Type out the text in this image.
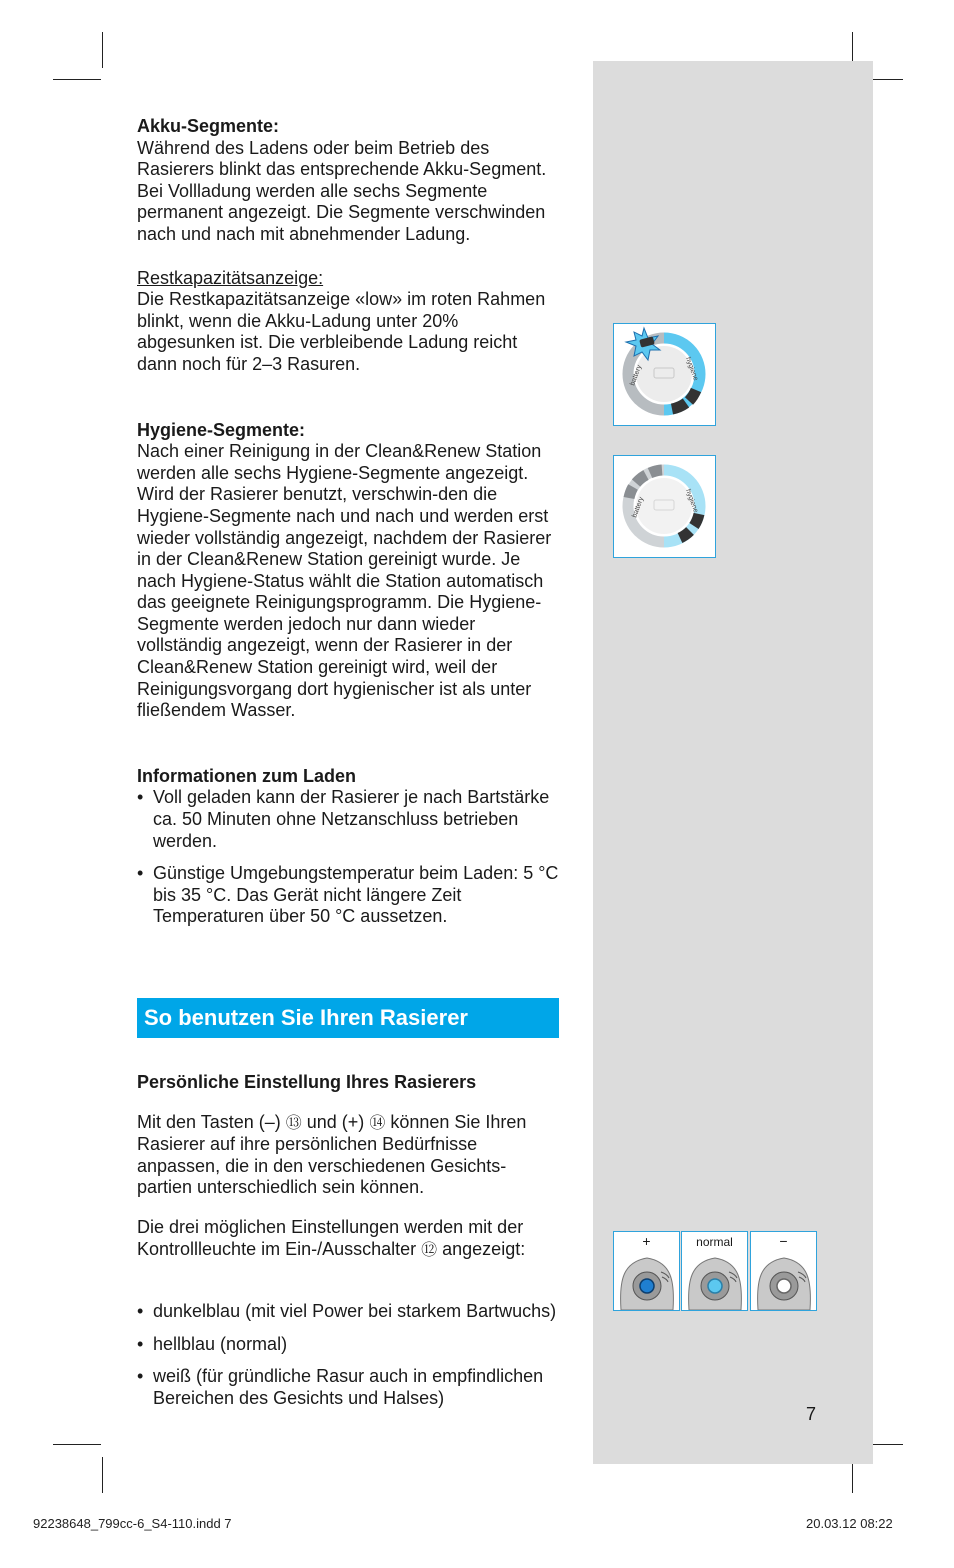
Akku-Segmente:

Während des Ladens oder beim Betrieb des Rasierers blinkt das entsprechende Akku-Segment. Bei Vollladung werden alle sechs Segmente permanent angezeigt. Die Segmente verschwinden nach und nach mit abnehmender Ladung.

Restkapazitätsanzeige:

Die Restkapazitätsanzeige «low» im roten Rahmen blinkt, wenn die Akku-Ladung unter 20% abgesunken ist. Die verbleibende Ladung reicht dann noch für 2–3 Rasuren.

Hygiene-Segmente:

Nach einer Reinigung in der Clean&Renew Station werden alle sechs Hygiene-Segmente angezeigt. Wird der Rasierer benutzt, verschwin-den die Hygiene-Segmente nach und nach und werden erst wieder vollständig angezeigt, nachdem der Rasierer in der Clean&Renew Station gereinigt wurde. Je nach Hygiene-Status wählt die Station automatisch das geeignete Reinigungsprogramm. Die Hygiene-Segmente werden jedoch nur dann wieder vollständig angezeigt, wenn der Rasierer in der Clean&Renew Station gereinigt wird, weil der Reinigungsvorgang dort hygienischer ist als unter fließendem Wasser.

Informationen zum Laden

• Voll geladen kann der Rasierer je nach Bartstärke ca. 50 Minuten ohne Netzanschluss betrieben werden.
• Günstige Umgebungstemperatur beim Laden: 5 °C bis 35 °C. Das Gerät nicht längere Zeit Temperaturen über 50 °C aussetzen.
So benutzen Sie Ihren Rasierer

Persönliche Einstellung Ihres Rasierers

Mit den Tasten (–) ⑬ und (+) ⑭ können Sie Ihren Rasierer auf ihre persönlichen Bedürfnisse anpassen, die in den verschiedenen Gesichts-partien unterschiedlich sein können.

Die drei möglichen Einstellungen werden mit der Kontrollleuchte im Ein-/Ausschalter ⑫ angezeigt:

• dunkelblau (mit viel Power bei starkem Bartwuchs)
• hellblau (normal)
• weiß (für gründliche Rasur auch in empfindlichen Bereichen des Gesichts und Halses)
battery	hygiene
battery	hygiene
+	normal	−
7
92238648_799cc-6_S4-110.indd 7	20.03.12 08:22
